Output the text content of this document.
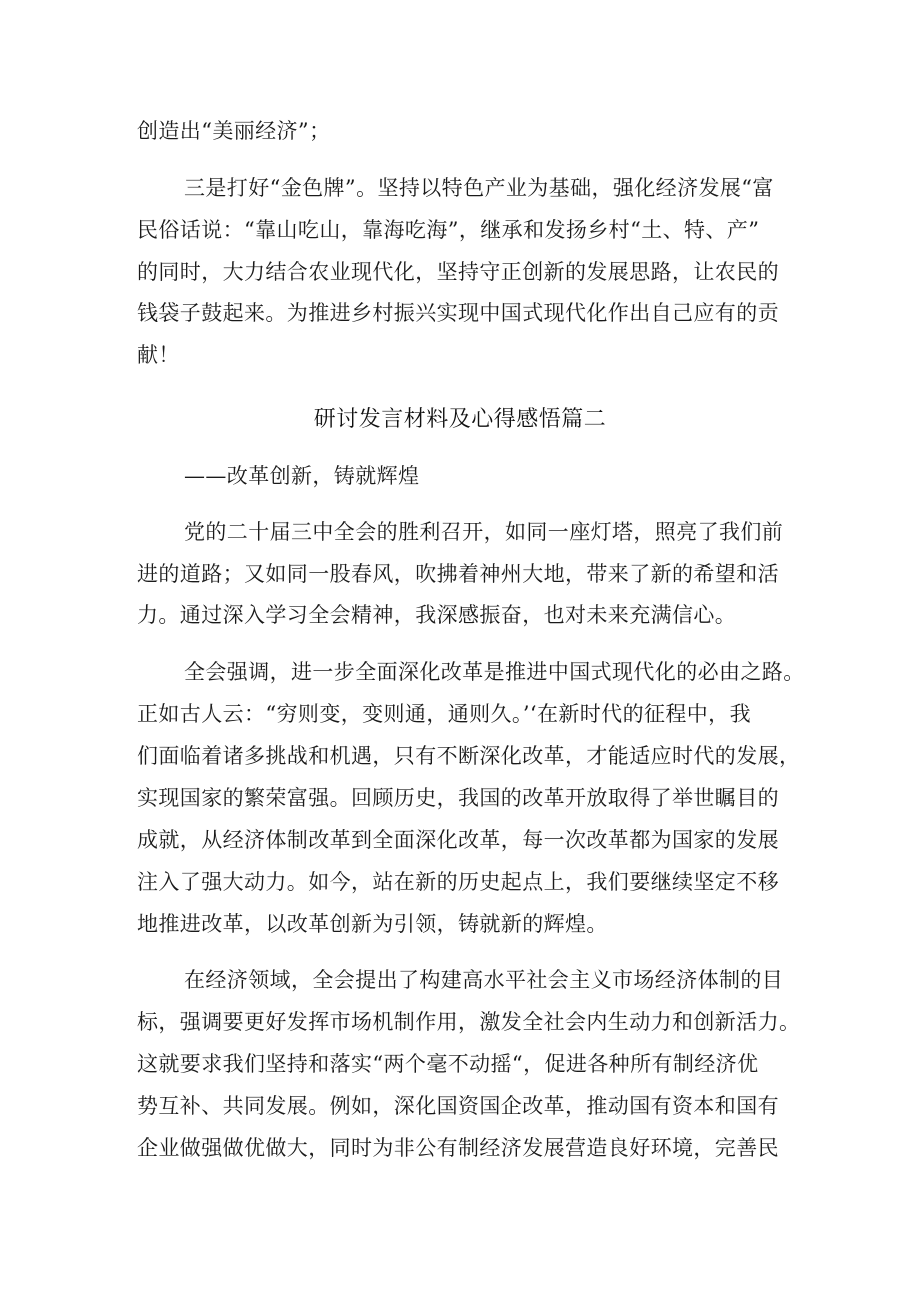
创造出“美丽经济”；
三是打好“金色牌”。坚持以特色产业为基础，强化经济发展“富
民俗话说：“靠山吃山，靠海吃海”，继承和发扬乡村“土、特、产”
的同时，大力结合农业现代化，坚持守正创新的发展思路，让农民的
钱袋子鼓起来。为推进乡村振兴实现中国式现代化作出自己应有的贡
献！
研讨发言材料及心得感悟篇二
——改革创新，铸就辉煌
党的二十届三中全会的胜利召开，如同一座灯塔，照亮了我们前
进的道路；又如同一股春风，吹拂着神州大地，带来了新的希望和活
力。通过深入学习全会精神，我深感振奋，也对未来充满信心。
全会强调，进一步全面深化改革是推进中国式现代化的必由之路。
正如古人云：“穷则变，变则通，通则久。’‘在新时代的征程中，我
们面临着诸多挑战和机遇，只有不断深化改革，才能适应时代的发展，
实现国家的繁荣富强。回顾历史，我国的改革开放取得了举世瞩目的
成就，从经济体制改革到全面深化改革，每一次改革都为国家的发展
注入了强大动力。如今，站在新的历史起点上，我们要继续坚定不移
地推进改革，以改革创新为引领，铸就新的辉煌。
在经济领域，全会提出了构建高水平社会主义市场经济体制的目
标，强调要更好发挥市场机制作用，激发全社会内生动力和创新活力。
这就要求我们坚持和落实“两个毫不动摇“，促进各种所有制经济优
势互补、共同发展。例如，深化国资国企改革，推动国有资本和国有
企业做强做优做大，同时为非公有制经济发展营造良好环境，完善民
